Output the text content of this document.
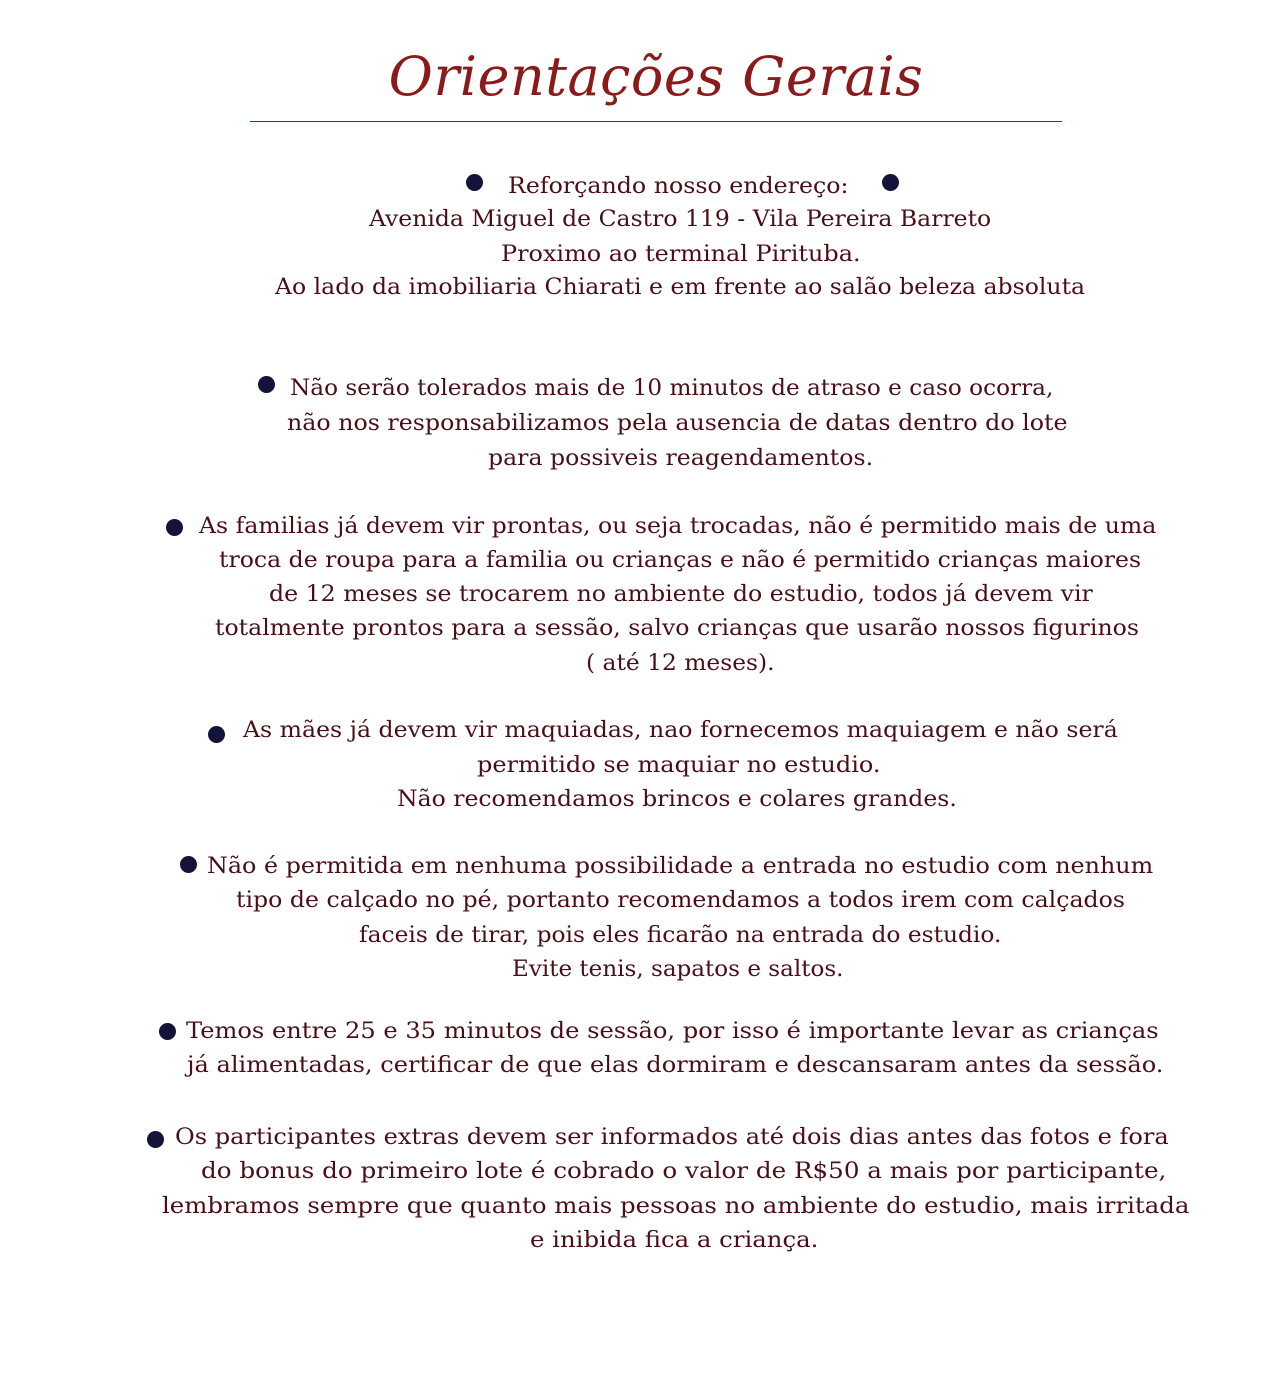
Orientações Gerais
Reforçando nosso endereço:
Avenida Miguel de Castro 119 - Vila Pereira Barreto
Proximo ao terminal Pirituba.
Ao lado da imobiliaria Chiarati e em frente ao salão beleza absoluta
Não serão tolerados mais de 10 minutos de atraso e caso ocorra,
não nos responsabilizamos pela ausencia de datas dentro do lote
para possiveis reagendamentos.
As familias já devem vir prontas, ou seja trocadas, não é permitido mais de uma
troca de roupa para a familia ou crianças e não é permitido crianças maiores
de 12 meses se trocarem no ambiente do estudio, todos já devem vir
totalmente prontos para a sessão, salvo crianças que usarão nossos figurinos
( até 12 meses).
As mães já devem vir maquiadas, nao fornecemos maquiagem e não será
permitido se maquiar no estudio.
Não recomendamos brincos e colares grandes.
Não é permitida em nenhuma possibilidade a entrada no estudio com nenhum
tipo de calçado no pé, portanto recomendamos a todos irem com calçados
faceis de tirar, pois eles ficarão na entrada do estudio.
Evite tenis, sapatos e saltos.
Temos entre 25 e 35 minutos de sessão, por isso é importante levar as crianças
já alimentadas, certificar de que elas dormiram e descansaram antes da sessão.
Os participantes extras devem ser informados até dois dias antes das fotos e fora
do bonus do primeiro lote é cobrado o valor de R$50 a mais por participante,
lembramos sempre que quanto mais pessoas no ambiente do estudio, mais irritada
e inibida fica a criança.
